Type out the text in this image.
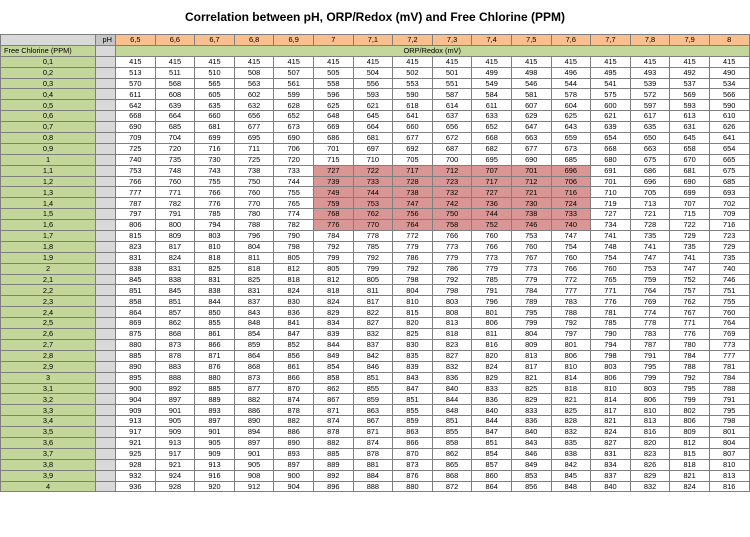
Correlation between pH, ORP/Redox (mV) and Free Chlorine (PPM)
	pH	6,5	6,6	6,7	6,8	6,9	7	7,1	7,2	7,3	7,4	7,5	7,6	7,7	7,8	7,9	8
Free Chlorine (PPM)		ORP/Redox (mV)															
0,1		415	415	415	415	415	415	415	415	415	415	415	415	415	415	415	415
0,2		513	511	510	508	507	505	504	502	501	499	498	496	495	493	492	490
0,3		570	568	565	563	561	558	556	553	551	549	546	544	541	539	537	534
0,4		611	608	605	602	599	596	593	590	587	584	581	578	575	572	569	566
0,5		642	639	635	632	628	625	621	618	614	611	607	604	600	597	593	590
0,6		668	664	660	656	652	648	645	641	637	633	629	625	621	617	613	610
0,7		690	685	681	677	673	669	664	660	656	652	647	643	639	635	631	626
0,8		709	704	699	695	690	686	681	677	672	668	663	659	654	650	645	641
0,9		725	720	716	711	706	701	697	692	687	682	677	673	668	663	658	654
1		740	735	730	725	720	715	710	705	700	695	690	685	680	675	670	665
1,1		753	748	743	738	733	727	722	717	712	707	701	696	691	686	681	675
1,2		766	760	755	750	744	739	733	728	723	717	712	706	701	696	690	685
1,3		777	771	766	760	755	749	744	738	732	727	721	716	710	705	699	693
1,4		787	782	776	770	765	759	753	747	742	736	730	724	719	713	707	702
1,5		797	791	785	780	774	768	762	756	750	744	738	733	727	721	715	709
1,6		806	800	794	788	782	776	770	764	758	752	746	740	734	728	722	716
1,7		815	809	803	796	790	784	778	772	766	760	753	747	741	735	729	723
1,8		823	817	810	804	798	792	785	779	773	766	760	754	748	741	735	729
1,9		831	824	818	811	805	799	792	786	779	773	767	760	754	747	741	735
2		838	831	825	818	812	805	799	792	786	779	773	766	760	753	747	740
2,1		845	838	831	825	818	812	805	798	792	785	779	772	765	759	752	746
2,2		851	845	838	831	824	818	811	804	798	791	784	777	771	764	757	751
2,3		858	851	844	837	830	824	817	810	803	796	789	783	776	769	762	755
2,4		864	857	850	843	836	829	822	815	808	801	795	788	781	774	767	760
2,5		869	862	855	848	841	834	827	820	813	806	799	792	785	778	771	764
2,6		875	868	861	854	847	839	832	825	818	811	804	797	790	783	776	769
2,7		880	873	866	859	852	844	837	830	823	816	809	801	794	787	780	773
2,8		885	878	871	864	856	849	842	835	827	820	813	806	798	791	784	777
2,9		890	883	876	868	861	854	846	839	832	824	817	810	803	795	788	781
3		895	888	880	873	866	858	851	843	836	829	821	814	806	799	792	784
3,1		900	892	885	877	870	862	855	847	840	833	825	818	810	803	795	788
3,2		904	897	889	882	874	867	859	851	844	836	829	821	814	806	799	791
3,3		909	901	893	886	878	871	863	855	848	840	833	825	817	810	802	795
3,4		913	905	897	890	882	874	867	859	851	844	836	828	821	813	806	798
3,5		917	909	901	894	886	878	871	863	855	847	840	832	824	816	809	801
3,6		921	913	905	897	890	882	874	866	858	851	843	835	827	820	812	804
3,7		925	917	909	901	893	885	878	870	862	854	846	838	831	823	815	807
3,8		928	921	913	905	897	889	881	873	865	857	849	842	834	826	818	810
3,9		932	924	916	908	900	892	884	876	868	860	853	845	837	829	821	813
4		936	928	920	912	904	896	888	880	872	864	856	848	840	832	824	816
